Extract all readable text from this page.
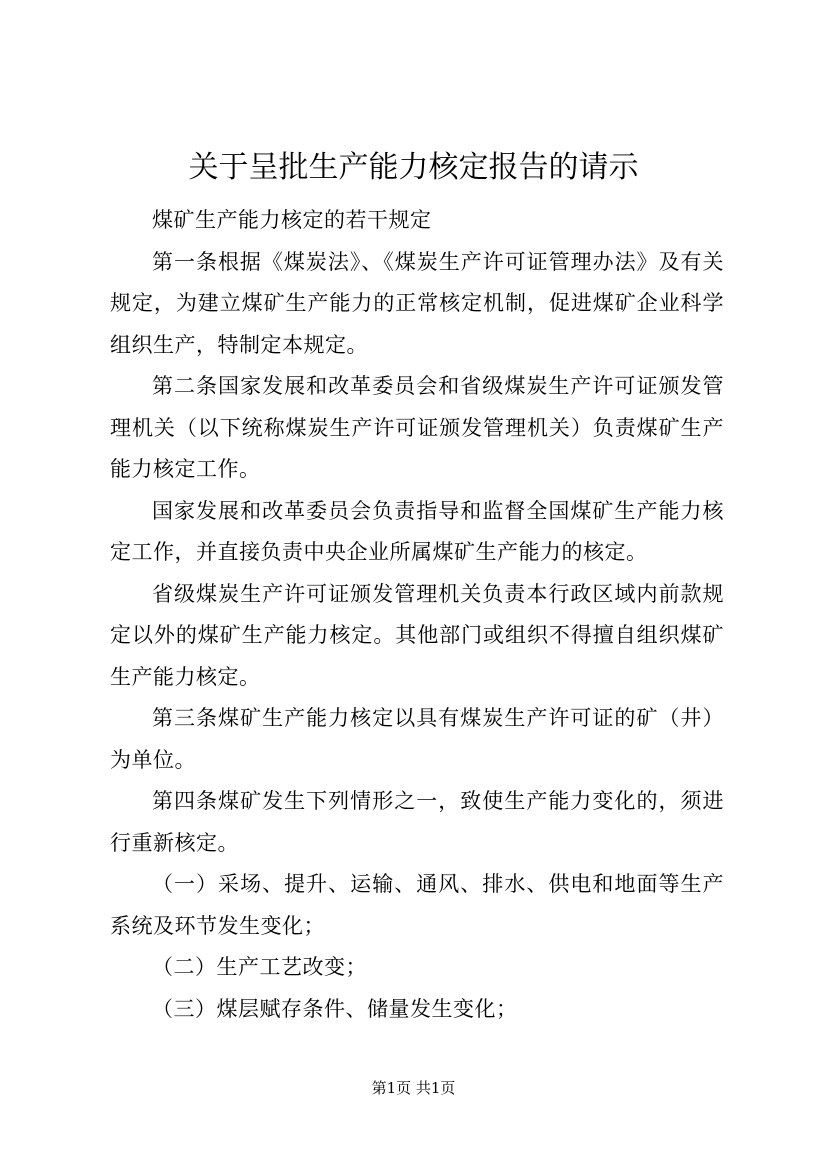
关于呈批生产能力核定报告的请示

煤矿生产能力核定的若干规定

第一条根据《煤炭法》、《煤炭生产许可证管理办法》及有关规定，为建立煤矿生产能力的正常核定机制，促进煤矿企业科学组织生产，特制定本规定。

第二条国家发展和改革委员会和省级煤炭生产许可证颁发管理机关（以下统称煤炭生产许可证颁发管理机关）负责煤矿生产能力核定工作。

国家发展和改革委员会负责指导和监督全国煤矿生产能力核定工作，并直接负责中央企业所属煤矿生产能力的核定。

省级煤炭生产许可证颁发管理机关负责本行政区域内前款规定以外的煤矿生产能力核定。其他部门或组织不得擅自组织煤矿生产能力核定。

第三条煤矿生产能力核定以具有煤炭生产许可证的矿（井）为单位。

第四条煤矿发生下列情形之一，致使生产能力变化的，须进行重新核定。

（一）采场、提升、运输、通风、排水、供电和地面等生产系统及环节发生变化；

（二）生产工艺改变；

（三）煤层赋存条件、储量发生变化；

第1页 共1页
